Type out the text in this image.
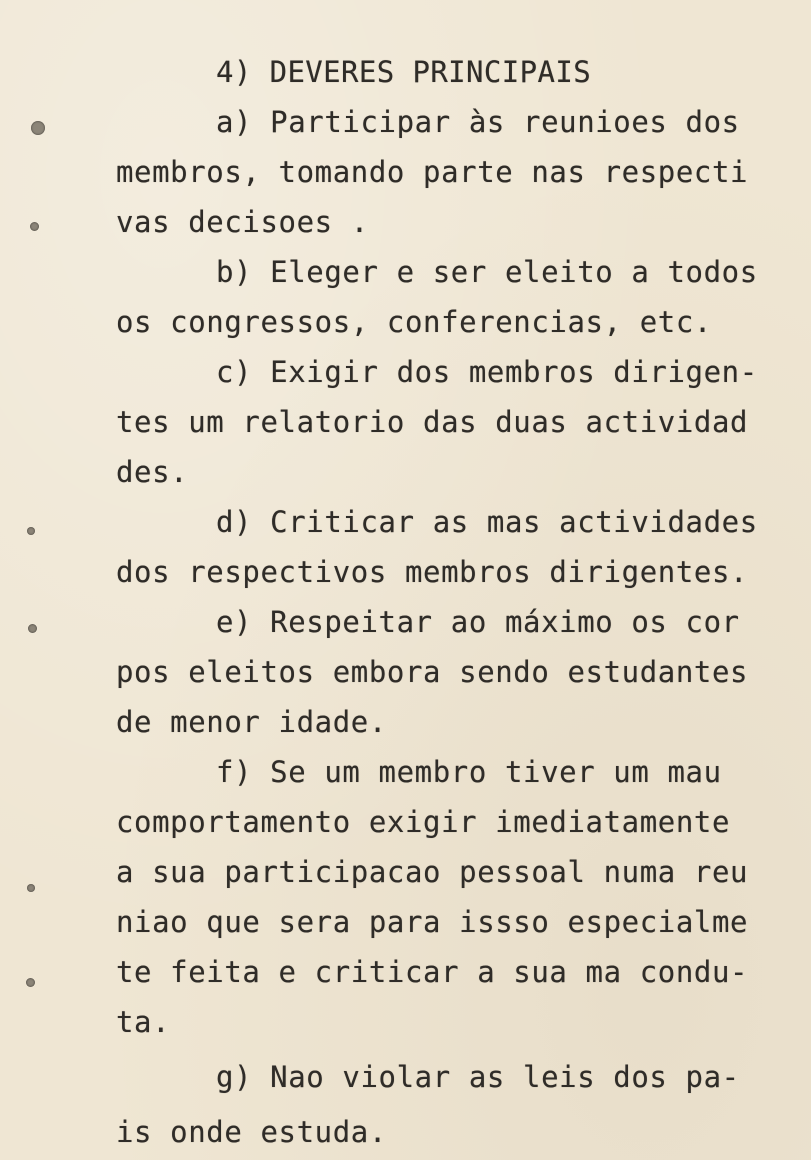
4) DEVERES PRINCIPAIS

a) Participar às reunioes dos

membros, tomando parte nas respecti

vas decisoes .

b) Eleger e ser eleito a todos

os congressos, conferencias, etc.

c) Exigir dos membros dirigen-

tes um relatorio das duas actividad

des.

d) Criticar as mas actividades

dos respectivos membros dirigentes.

e) Respeitar ao máximo os cor

pos eleitos embora sendo estudantes

de menor idade.

f) Se um membro tiver um mau

comportamento exigir imediatamente

a sua participacao pessoal numa reu

niao que sera para issso especialme

te feita e criticar a sua ma condu-

ta.

g) Nao violar as leis dos pa-

is onde estuda.
